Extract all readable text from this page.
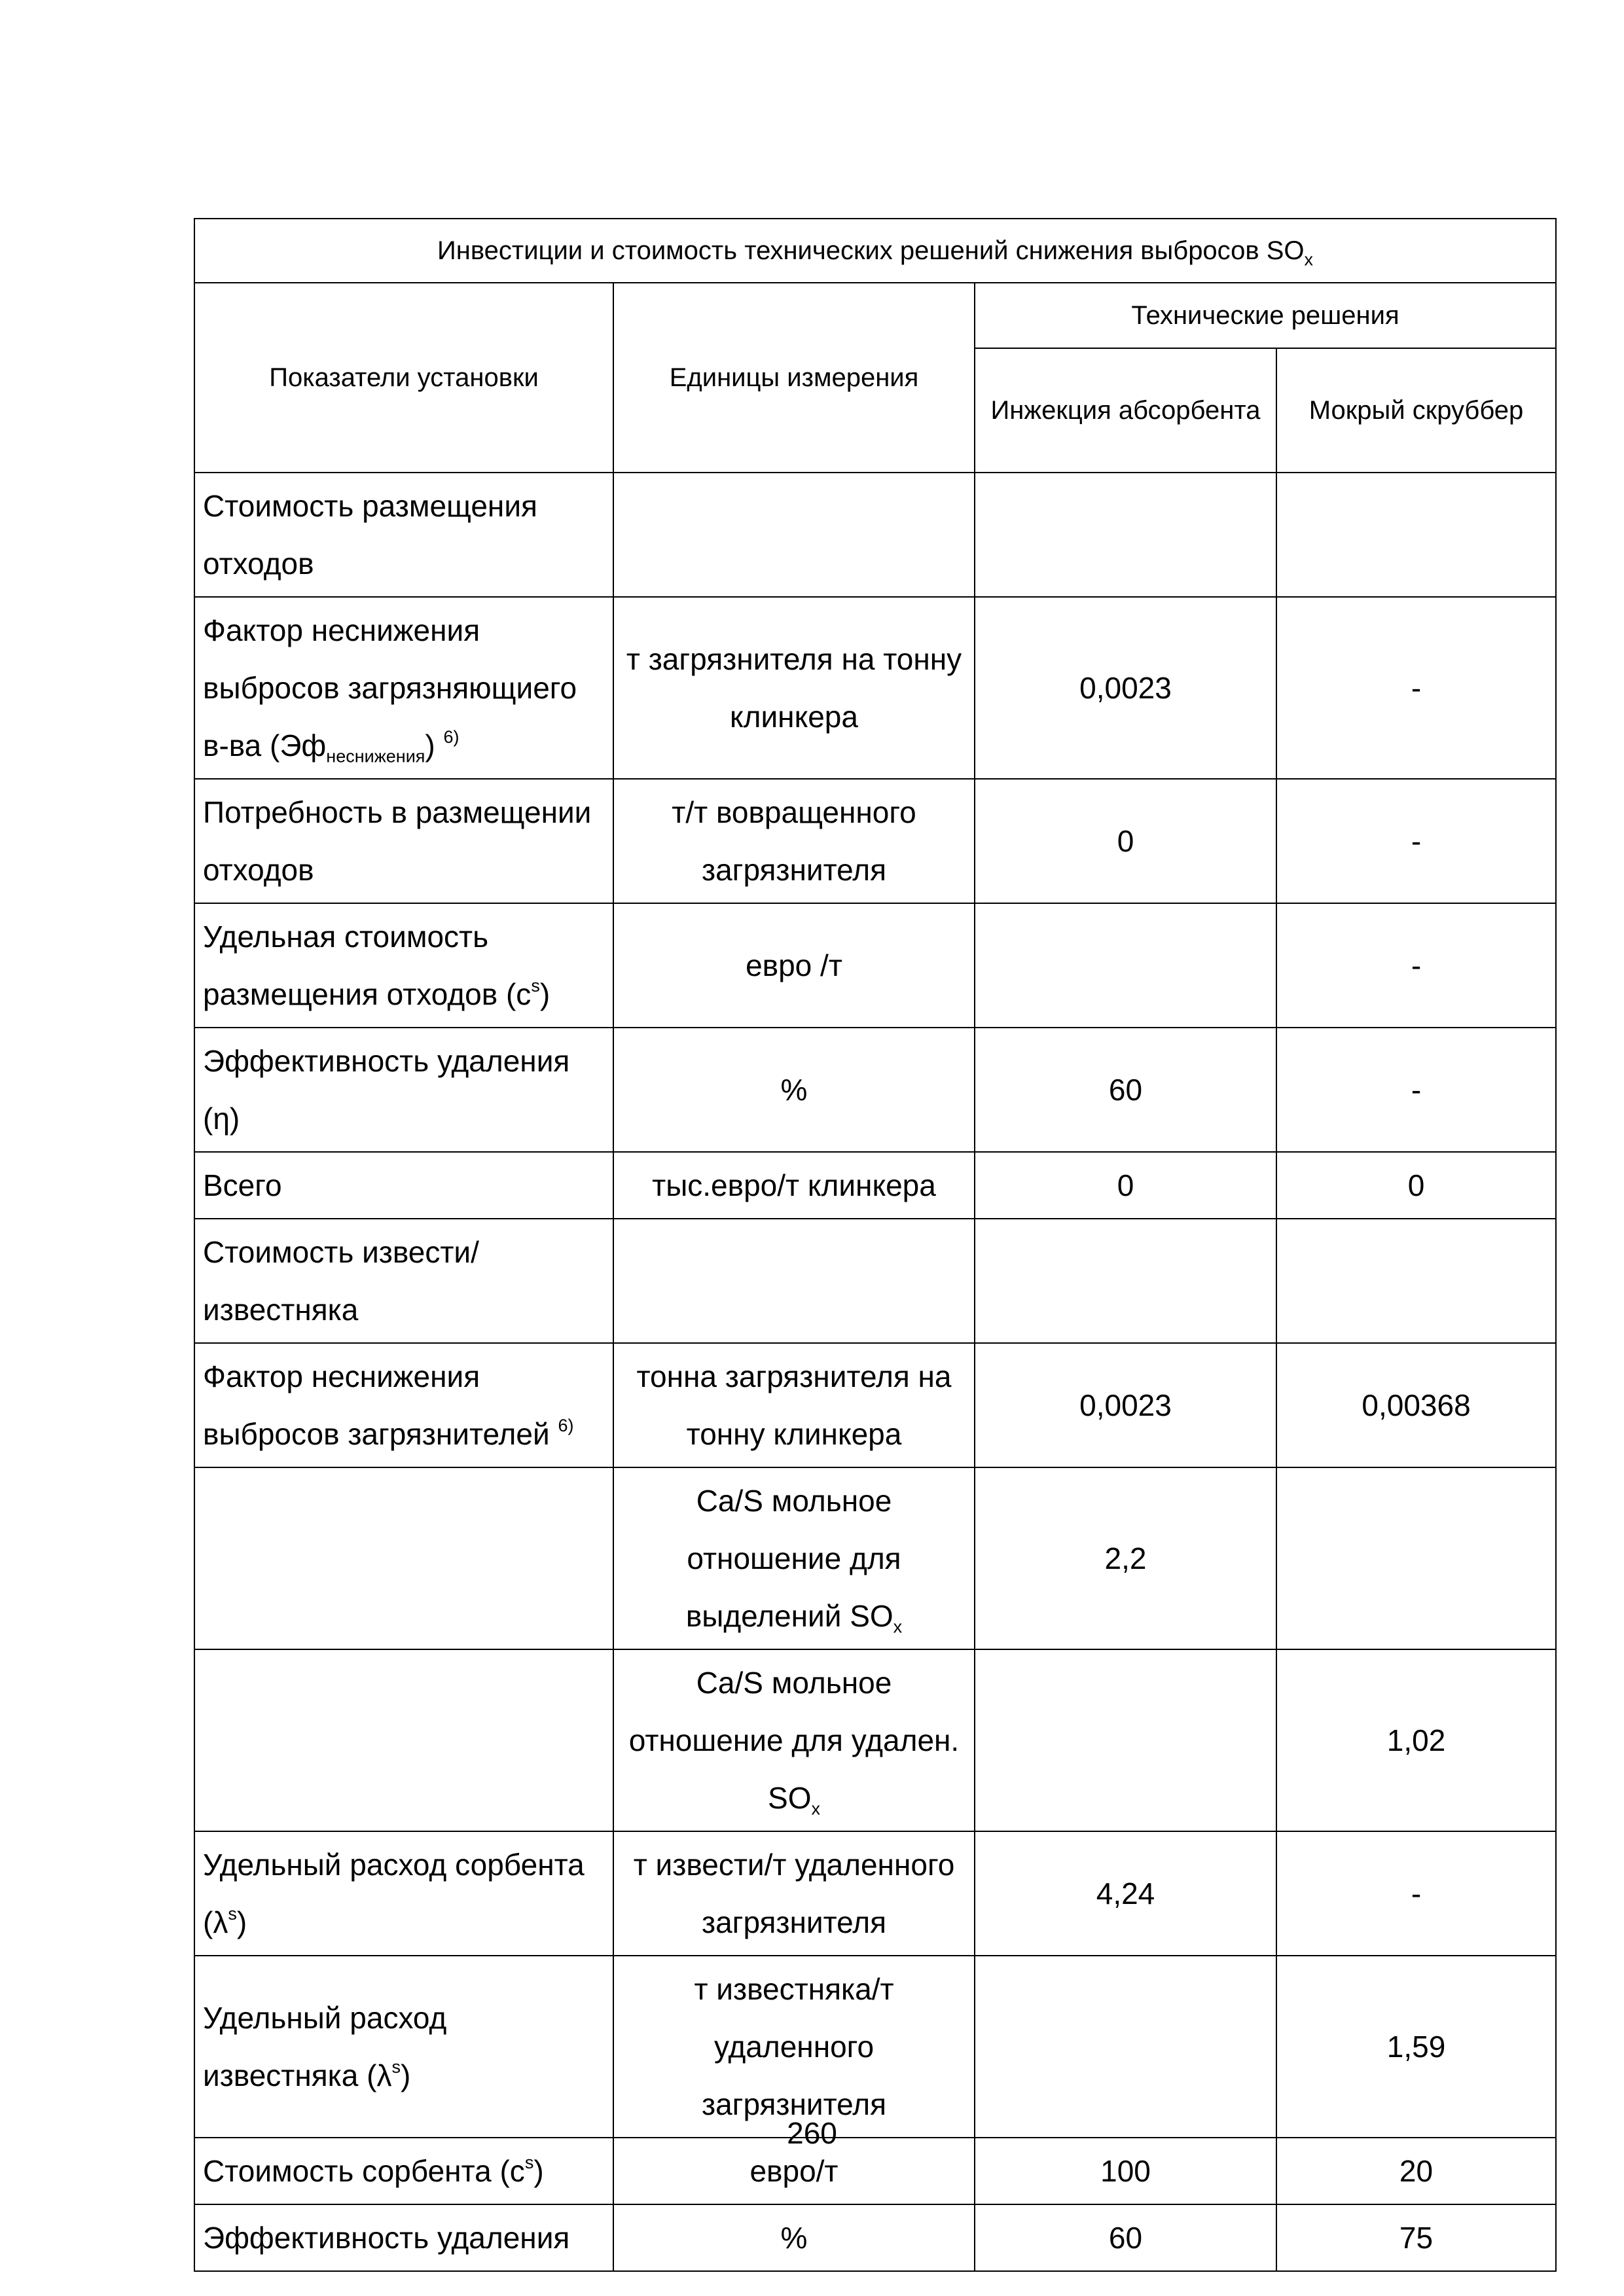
Инвестиции и стоимость технических решений снижения выбросов $SO_x$
Показатели установки	Единицы измерения	Технические решения	
		Инжекция абсорбента	Мокрый скруббер
Стоимость размещения отходов			
Фактор неснижения выбросов загрязняющиего в-ва $(Эф_{неснижения})$ $^{6)}$	т загрязнителя на тонну клинкера	0,0023	-
Потребность в размещении отходов	т/т вовращенного загрязнителя	0	-
Удельная стоимость размещения отходов $(c^s)$	евро /т		-
Эффективность удаления (η)	%	60	-
Всего	тыс.евро/т клинкера	0	0
Стоимость извести/известняка			
Фактор неснижения выбросов загрязнителей $^{6)}$	тонна загрязнителя на тонну клинкера	0,0023	0,00368
	Ca/S мольное отношение для выделений $SO_x$	2,2	
	Ca/S мольное отношение для удален. $SO_x$		1,02
Удельный расход сорбента $(\lambda^s)$	т извести/т удаленного загрязнителя	4,24	-
Удельный расход известняка $(\lambda^s)$	т известняка/т удаленного загрязнителя		1,59
Стоимость сорбента $(c^s)$	евро/т	100	20
Эффективность удаления	%	60	75
260
